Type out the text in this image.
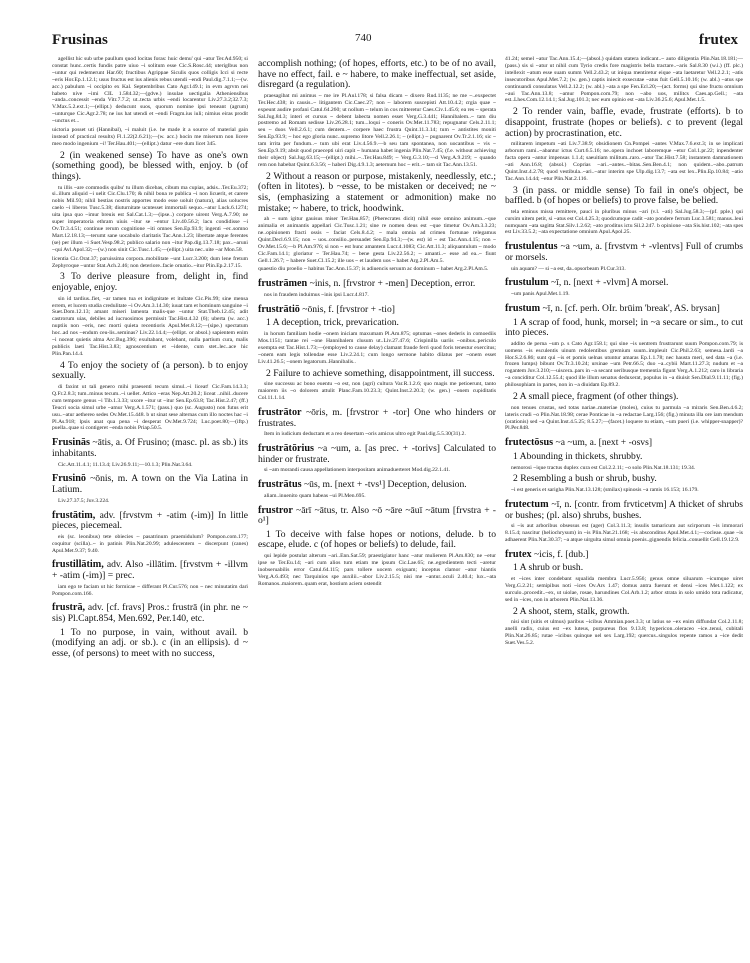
Frusinas	740	frutex

agellist hic sub urbe paullum quod locitas foras: huic demu' qui ~atur Ter.Ad.950; si constat hunc..certis fundis patre uiuo ~i solitum esse Cic.S.Rosc.44; uteriglbus non ~untur qui redemerunt Har.60; fructibus Agrippae Siculis quos colligis Icci si recte ~eris Hor.Ep.1.12.1; usus fructus est ius alienis rebus utendi ~endi Paul.dig.7.1.1;—(w. acc.) pabulum ~i occipito ex Kal. Septembribus Cato Agr.149.1; in evm agrvm nei habeto nive ~imi CIL 1.584.32;—(gdve.) insulae uectigalia Atheniensibus ~anda..concessit ~enda Vitr.7.7.2; ut..tecta urbis ~endi locarentur Liv.27.3.2;32.7.3; V.Max.5.2.ext.1;—(ellipt.) deducunt suos, quorum nomine ipsi teneant (agrum) ~unturque Cic.Agr.2.78; ne ius hat utendi et ~endi Fragm.ius iuli; nimius eiras prodit ~unctus et...

uictoria posset uti (Hannibal), ~i maluit (i.e. he made it a source of material gain instead of practical results) Fl.1.22(2.6.21);—(w. acc.) hocin me miserum non licere meo modo ingenium ~i! Ter.Hau.401;—(ellipt.) datur ~ere dum licet 345.

2 (in weakened sense) To have as one's own (something good), be blessed with, enjoy. b (of things).

tu illis ~are commodis quibu' tu illum dicebas, cibum ma cupias, adsis...Ter.Eu.372; si..illum aliquid ~i uelit Cic.Clu.170; & nihil bona re publica ~i non licuerit, et carere nobis Mil.93; nihil bestias nostris apportes modo esse uoluit (natura), alias uolucres caelo ~i liberos Tusc.5.38; diuturnitate ucntesset immortali sequo..~atur Luck.6.1274; uita ipsa quo ~imur breuis est Sal.Cat.1.3;—(ipse..) corpore uirent Verg.A.7.90; ne super imperatoria ethram uiuis ~itur se ~entur Liv.40.56.2; lacu condidisse ~i Ov.Tr.3.4.51; continue rerum cognitione ~iti omnes Sen.Ep.93.9; ingenti ~er..somno Mart.12.18.13;—terumt sane uocabulo claritatis Tac.Ann.1.23; libertate atque ferentes (se) per illum ~i Suet.Vesp.98.2; publico salario non ~itur Pap.dig.13.7.18; pax..~aruni ~qui Avl.Apol.32;—(w.) non sinit Cic.Tusc.1.45;—(ellipt.) uita nec..uite ~ar Mon.58.

licentia Cic.Orat.37; paruissima corpora..mobilitate ~unt Lucr.3.200; dum lene fretum Zephyroque ~untur Stat.Ach.2.46; non deteriore..facie ornatio..~itur Plin.Ep.2.17.15.

3 To derive pleasure from, delight in, find enjoyable, enjoy.

sin id tardius..fiet, ~ar tamen tua et indignitate et itultate Cic.Pis.99; sine mensa errem, et lucem studia credulitate ~i Ov.Am.3.14.30; iuuat tam et hominum sanguine ~i Suet.Dom.12.13; amant miseri lamenta malis-que ~untur Stat.Theb.12.45; adit castrorum uias, debiles ad iucruosimos permissit Tac.Hist.4.32 (6); uberta (w. acc.) nuptiis non ~eris, nec morti quieta recentioris Apul.Met.8.12;—(sipe.) spectatum hoc..ad nos ~endum ceu-lis..seminas? Liv.22.14.4;—(ellipt. or absol.) sapientem enim ~i noceat quietis alma Arc.Bug.396; exultabant, volebant, nulla partium cura, malis publicis laeti Tac.Hist.3.83; agnoscentium et ~idente, cum stet..lec..ace hic Plin.Pan.14.4.

4 To enjoy the society of (a person). b to enjoy sexually.

di faxint ut tali genero mihi praesenti tecum simul..~i liceat! Cic.Fam.14.3.3; Q.Fr.2.8.3; tum..minus tecum..~i uellet. Attico ~eras Nep.Att.20.2; liceat ..nihil..ducere cum tempore genus ~i Tib.1.3.33; uxore ~itur ut ~itur Sen.Ep.63.8; Tac.Hist.2.47; (ff.) Teucri socia simul urbe ~amur Verg.A.1.571; (pass.) quo (sc. Augusto) non futus erit usu..~atur aethereo sedes Ov.Met.15.448. b ut sinat sese alternas cum illo noctes hac ~i Pl.As.918; lpsis anat qua pena ~i desperat Ov.Met.9.724; Luc.poet.80;—(iftp.) puella..quae si contigeret ~enda nobis Priap.50.5.

Frusinās ~ātis, a. Of Frusino; (masc. pl. as sb.) its inhabitants.

Cic.Att.11.4.1; 11.13.4; Liv.26.9.11;—10.1.3; Plin.Nat.3.64.

Frusinō ~ōnis, m. A town on the Via Latina in Latium.

Liv.27.37.5; Juv.3.224.

frustātim, adv. [frvstvm + -atim (-im)] In little pieces, piecemeal.

eis (sc. leonibus) tete obiecies ~ pasatrinum praemidulum? Pompon.com.177; coquitur (scilla)..~ in patinis Plin.Nat.20.99; adulescentem ~ discerpunt (canes) Apul.Met.9.37; 9.40.

frustillātim, adv. Also -illātim. [frvstvm + -illvm + -atim (-im)] = prec.

iam ego te faciam ut hic formicae ~ differant Pl.Cur.576; non ~ nec minutatim dari Pompon.com.166.

frustrā, adv. [cf. fravs] Pros.: frustrā (in phr. ne ~ sis) Pl.Capt.854, Men.692, Per.140, etc.

1 To no purpose, in vain, without avail. b (modifying an adj. or sb.). c (in an ellipsis). d ~ esse, (of persons) to meet with no success,

accomplish nothing; (of hopes, efforts, etc.) to be of no avail, have no effect, fail. e ~ habere, to make ineffectual, set aside, disregard (a regulation).

praesagibat mi animus ~ me ire Pl.Aul.178; si falsa dicam ~ dixero Rud.1135; ne me ~..exspectet Ter.Hec.438; in causis..~ litigantem Cic.Caec.27; non ~ laborem suscepisti Att.10.4.2; crgia quae ~ expeunt audire profani Catul.64.260; ut nollum ~ telum in cos mitteretur Caes.Civ.1.45.6; ea res ~ sperata Sal.Jug.84.3; interi et cursus ~ debent labecta nomen esset Verg.G.3.441; Hannibalem..~ tam diu postremo ad Romam sedisse Liv.26.28.1; tum...loqui ~ coneris Ov.Met.11.783; repugnatur Cels.2.11.1; seu ~ duos Vell.2.6.1; cum dentem..~ corpere haec frustra Quint.11.3.14; tum ~ antistites moniti Sen.Ep.93.9; ~ hoc ego gloria nunc..supremo litore Vell.2.26.1; ~ (ellipt.) ~ pugnarent Ov.Tr.2.1.16; sic ~ tam irrita per fundum..~ tum ubi erat Liv.4.56.9.—b seu tam spontanea, non uocantibus ~ vis ~ Sen.Ep.9.19; absit quod praecepti uiri capit ~ humana habet ingenia Plin.Nat.7.45; (f.e. without achieving their object) Sal.Jug.63.15;—(ellipt.) mihi..~..Ter.Hau.849; ~ Verg.G.3.10;—d Verg.A.9.219; ~ quando rem non habebat Quint.6.3.56; ~ haberi Dig.4.9.1.3; aeternum hoc ~ erit..~ tam sit Tac.Ann.13.51.

2 Without a reason or purpose, mistakenly, needlessly, etc.; (often in litotes). b ~esse, to be mistaken or deceived; ne ~ sis, (emphasizing a statement or admonition) make no mistake; ~ habere, to trick, hoodwink.

ah ~ sum igitur gauisus miser Ter.Hau.857; (Pherecrates dicit) nihil esse omnino animum..~que animalia et animantis appellari Cic.Tusc.1.21; sine re nomen deus est ~que timetur Ov.Am.3.3.23; ne..opinionem fracti ossis ~ faciat Cels.8.4.2; ~ mala omnia ad crimen fortunae relegamus Quint.Decl.6.9.15; non ~ uos..consilio..persuadet Sen.Ep.94.3;—(w. est) id ~ est Tac.Ann.4.15; non ~ Ov.Met.15.6;—b Pl.Am.976; si non ~ est hunc amantem Lucr.4.1083; Cic.Att.11.3; aliquantulum ~ modo Cic.Fam.14.1; gloriatur ~ Ter.Hau.74; ~ bene gesta Liv.22.56.2; ~ amanti..~ esse ad ea..~ fiunt Gell.1.26.7; ~ habere Suet.Cl.15.2; ille uos ~ et laudem uos ~ habet Arg.2.Pl.Am.5.

quaestio diu proelio ~ habitus Tac.Ann.15.37; is adiuencis seruum ac dominum ~ habet Arg.2.Pl.Am.5.

frustrāmen ~inis, n. [frvstror + -men] Deception, error.

nos in fraudem induimus ~inis ipsi Lucr.4.817.

frustrātiō ~ōnis, f. [frvstror + -tio]

1 A deception, trick, prevarication.

in horum familiam hodie ~onem iniciam maxumam Pl.Am.875; optumas ~ones dederis in comoediis Mos.1151; tantae rei ~one Hannibalem clusum ut..Liv.27.47.6; Crispinilla uariis ~onibus..periculo exempta est Tac.Hist.1.73;—(employed to cause delay) clamant fraude ferri quod foris tenestur exercitus; ~onem eam legis tollendae esse Liv.2.24.1; cum longo sermone habito dilatus per ~onem esset Liv.41.26.5; ~onem legatorum..Hannibalis..

2 Failure to achieve something, disappointment, ill success.

sine successu ac bono euentu ~o est, non (agri) cultura Var.R.1.2.6; quo magis me petioerunt, tanto maiorem iis ~o dolorem attulit Planc.Fam.10.23.3; Quint.Inst.2.20.3; (w. gen.) ~onem cupiditatis Col.11.1.14.

frustrātor ~ōris, m. [frvstror + -tor] One who hinders or frustrates.

Item in iudicium deductam et a reo desertam ~oris amicus ultro egit Paul.dig.5.5.30(31).2.

frustrātōrius ~a ~um, a. [as prec. + -torivs] Calculated to hinder or frustrate.

si ~am morandi causa appellationem interpositam animaduerteret Mod.dig.22.1.41.

frustrātus ~ūs, m. [next + -tvs¹] Deception, delusion.

aliam..inuenito quam habeas ~ui Pl.Men.695.

frustror ~ārī ~ātus, tr. Also ~ō ~āre ~āuī ~ātum [frvstra + -o¹]

1 To deceive with false hopes or notions, delude. b to escape, elude. c (of hopes or beliefs) to delude, fail.

qui lepide postulat alterum ~ari..Enn.Sat.59; praestigiator hanc ~atur mulierem Pl.Am.830; ne ~etur ipse se Ter.Eu.14; ~ari cum alios tum etiam me ipsum Cic.Lae.65; ne..egredientem tecti ~aretur inobseruabilis error Catul.64.115; pars tollere uocem exiguam; inceptus clamor ~atur hiantis Verg.A.6.493; nec Tarquinios spe auxilii..~abor Liv.2.15.5; nisi me ~antur..oculi 2.40.4; lux..~ata Romanos..maiorem..quam erat, hostium aciem ostendit

41.24; semel ~atur Tac.Ann.15.4;—(absol.) quidam statera indicant..~ auto diligentia Plin.Nat.18.181;—(pass.) sis si ~atur ut nihil cum Tyrio credis fore magistris bella tractare..~aris Sal.8.30 (w.i.) (ff. plc.) intellexit ~atum esse suam summ Vell.2.43.2; ut iniqua mentiretur eique ~ata laetaretur Vell.2.2.1; ~atis insecutoribus Apul.Met.7.2; (w. gen.) captis iniecit exsecutae ~atus fuit Gell.5.10.16; (w. abl.) ~atus spe continuandi consulatus Vell.2.12.2; (w. abl.) ~ata a spe Fen.Ecl.20;—(act. forms) qui sine fructu omnium ~aui Tac.Ann.13.8; ~amur Pompon.com.79; non ~abo uos, militcs Caes.ap.Gell.; ~ata est..Lhes.Com.12.14.1; Sal.Jug.101.3; nec eum opinio est ~ata Liv.36.25.6; Apul.Met.1.5.

2 To render vain, baffle, evade, frustrate (efforts). b to disappoint, frustrate (hopes or beliefs). c to prevent (legal action) by procrastination, etc.

militarem impetum ~ati Liv.7.38.9; obsidionem Cn.Pompei ~antes V.Max.7.6.ext.3; in se implicati arborum rami..~abantur ictus Curt.6.5.16; ne..opera inchoet laboremque ~etur Col.1.pr.22; inpendenter facta opera ~antur impensas 1.1.4; saeuitiam militum..raro..~atur Tac.Hist.7.58; instantem damnationem ~ati Ann.16.8; (absol.) Coprias ~ari..~antes..~bitas..Sen.Ben.4.1; non quidem..~abo..patrum Quint.Inst.4.2.78; quod vestibula..~ari..~atur interim spe Ulp.dig.13.7; ~ata est lex..Plin.Ep.10.84; ~atio Tac.Ann.14.44; ~etur Plin.Nat.2.116.

3 (in pass. or middle sense) To fail in one's object, be baffled. b (of hopes or beliefs) to prove false, be belied.

tela eminus missa remittere, pauci in pluribus minus ~ari (v.l. ~ati) Sal.Jug.58.3;—(pf. pple.) qui cursim uitem petit, si ~atus est Col.4.25.3; quodcumque cadit ~ato pondere ferrum Luc.3.581; manus..leui numquam ~ata sagitta Stat.Silv.1.2.62; ~ato proditus ictu Sil.2.247. b opinione ~ata Sis.hist.102; ~ata spes est Liv.33.5.2; ~ata expectatione omnium Apul.Apol.25.

frustulentus ~a ~um, a. [frvstvm + -vlentvs] Full of crumbs or morsels.

uin aquam? — si ~a est, da..opsorbeam Pl.Cur.313.

frustulum ~ī, n. [next + -vlvm] A morsel.

~um panis Apul.Met.1.19.

frustum ~ī, n. [cf. perh. OIr. brūim 'break', AS. brysan]

1 A scrap of food, hunk, morsel; in ~a secare or sim., to cut into pieces.

addito de perna ~um p. s Cato Agr.158.1; qui sine ~is uentrem frustrarunt suum Pompon.com.79; is uomens ~is esculentis uinum redolentibus gremium suum..impleuit Cic.Phil.2.63; semesa..lardi ~a Hor.S.2.6.86; sunt qui ~is et pomis uelnas utuntur amaras Ep.1.1.78; nec hausta meri, sed data ~a (i.e. frozen lumps) bibunt Ov.Tr.3.10.24; ursinae ~um Petr.66.5; duo ~a..cybii Mart.11.27.3; nudum et ~a rogantem Juv.3.210;—uiscera..pars in ~a secant ueribusque trementia figunt Verg.A.1.212; caro in libraria ~a conciditur Col.12.55.4; quod ille illum senatus deduxerat, populus in ~a diuisit Sen.Dial.9.11.11; (fig.) philosophiam in partes, non in ~a diuidam Ep.89.2.

2 A small piece, fragment (of other things).

non tenues crustas, sed totas nariae..materiae (moles), cuius tu parmula ~a miraris Sen.Ben.4.6.2; lateris crudi ~o Plin.Nat.18.98; cerae Ponticae in ~a redactae Larg.156; (fig.) minuta illa ore iam mendum (orationis) sed ~a Quint.Inst.4.5.25; 8.5.27;—(facet.) loquere tu etiam, ~um pueri (i.e. whipper-snapper)? Pl.Per.848.

frutectōsus ~a ~um, a. [next + -osvs]

1 Abounding in thickets, shrubby.

nemorosi ~ique tractus duplex cura est Col.2.2.11; ~o solo Plin.Nat.18.131; 19.34.

2 Resembling a bush or shrub, bushy.

~i est generis et sarigha Plin.Nat.13.128; (smilax) spinosis ~a ramis 16.153; 16.179.

frutectum ~ī, n. [contr. from frvticetvm] A thicket of shrubs or bushes; (pl. also) shrubs, bushes.

si ~is aut arboribus obsessus est (ager) Col.3.11.3; insulis tamaricum aut scirporum ~is immorari 8.15.4; nascitur (heliochrysum) in ~is Plin.Nat.21.168; ~is absconditus Apul.Met.4.1;—cocleae..quae ~is adhaerent Plin.Nat.30.37; ~a atque uirgulta simul omnia poenis..gignendis felicia..conuellit Gell.19.12.9.

frutex ~icis, f. [dub.]

1 A shrub or bush.

et ~ices inter condebant squalida membra Lucr.5.956; genus omne siluarum ~icumque uiret Verg.G.2.21; semipibus noti ~ices Ov.Ars 1.47; domus antra fuerunt et densi ~ices Met.1.122; ex surculo..procedit..~ex, ut uiolae, rosae, harundines Col.Arb.1.2; arbor strata in solo umido tota radicatur, sed in ~ices, non in arborem Plin.Nat.13.36.

2 A shoot, stem, stalk, growth.

nisi sint (uitis et ulmus) paribus ~icibus Ammian.poet.3.3; ut latius se ~ex enim diffundat Col.2.11.8; anelli radix, cuius est ~ex luteus, purpureus flos 9.13.8; hypericon..oleraceo ~ice..tenui, cubitali Plin.Nat.26.85; rutae ~icibus quinque uel sex Larg.192; quercus..singulos repente ramos a ~ice dedit Suet.Ves.5.2.
